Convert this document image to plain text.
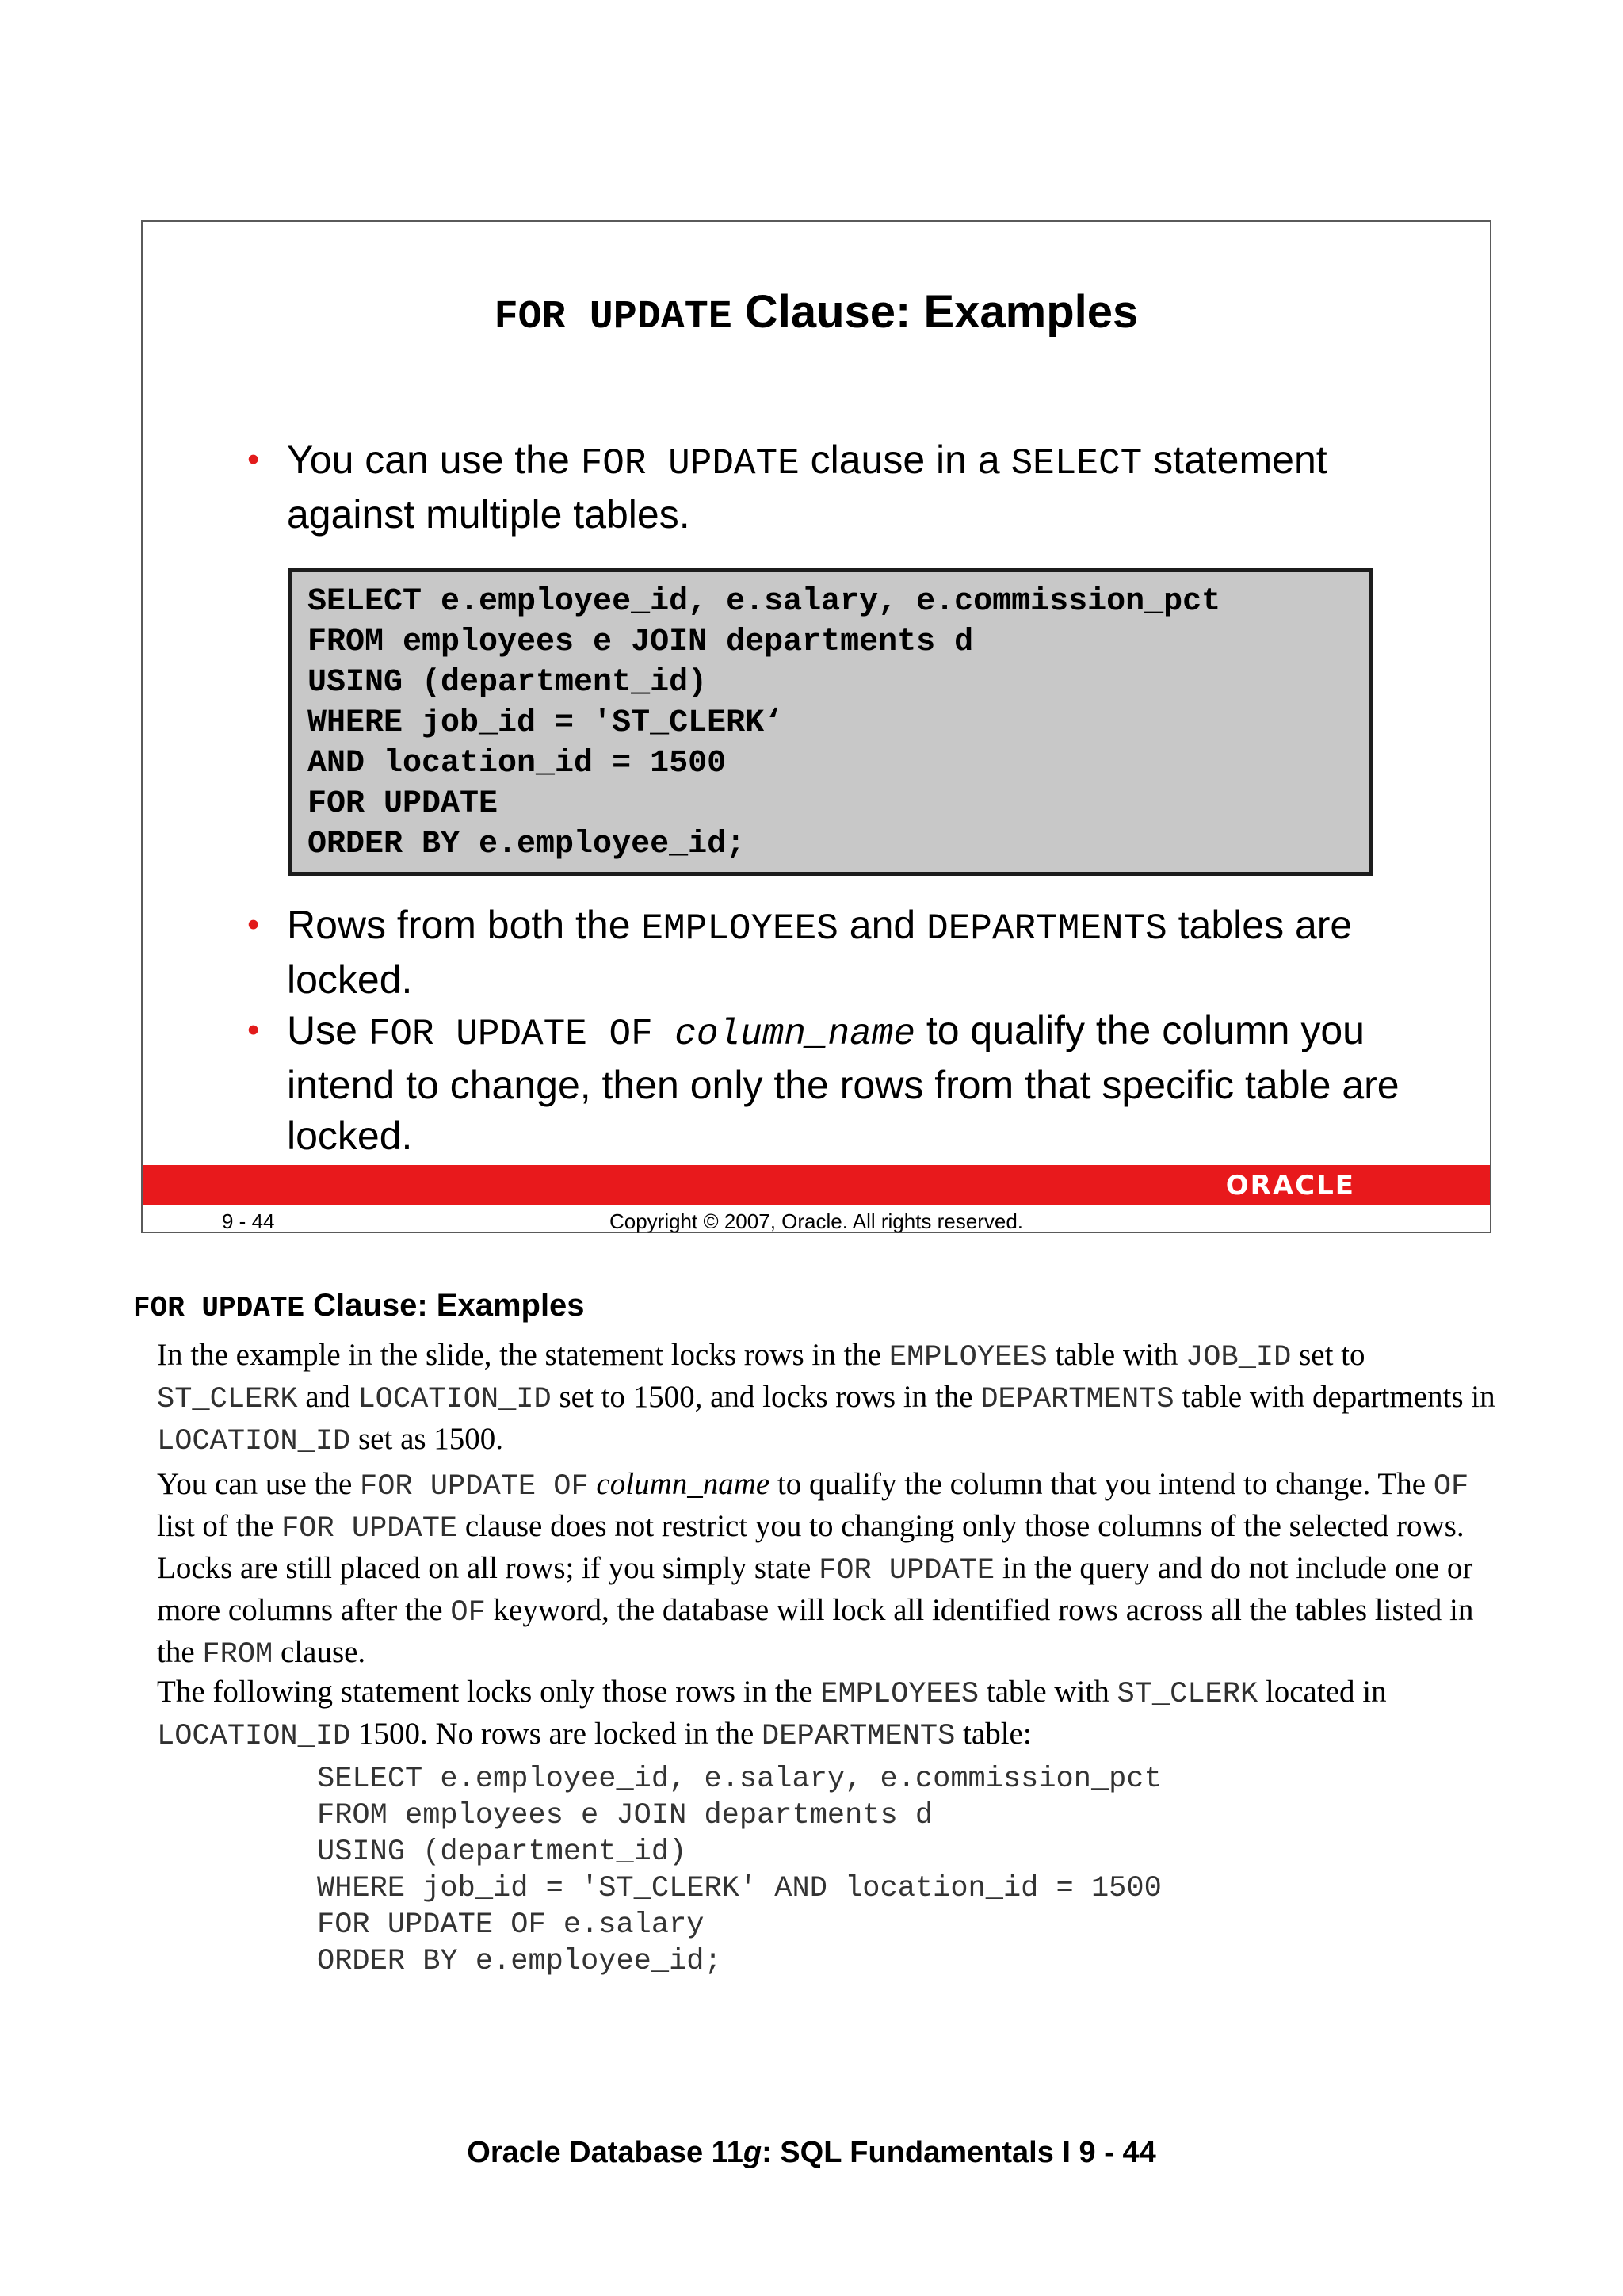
FOR UPDATE Clause: Examples
• You can use the FOR UPDATE clause in a SELECT statement against multiple tables.
SELECT e.employee_id, e.salary, e.commission_pct
FROM employees e JOIN departments d
USING (department_id)
WHERE job_id = 'ST_CLERK‘
AND location_id = 1500
FOR UPDATE
ORDER BY e.employee_id;
• Rows from both the EMPLOYEES and DEPARTMENTS tables are locked.
• Use FOR UPDATE OF column_name to qualify the column you intend to change, then only the rows from that specific table are locked.
ORACLE
9 - 44	Copyright © 2007, Oracle. All rights reserved.
FOR UPDATE Clause: Examples
In the example in the slide, the statement locks rows in the EMPLOYEES table with JOB_ID set to ST_CLERK and LOCATION_ID set to 1500, and locks rows in the DEPARTMENTS table with departments in LOCATION_ID set as 1500.
You can use the FOR UPDATE OF column_name to qualify the column that you intend to change. The OF list of the FOR UPDATE clause does not restrict you to changing only those columns of the selected rows. Locks are still placed on all rows; if you simply state FOR UPDATE in the query and do not include one or more columns after the OF keyword, the database will lock all identified rows across all the tables listed in the FROM clause.
The following statement locks only those rows in the EMPLOYEES table with ST_CLERK located in LOCATION_ID 1500. No rows are locked in the DEPARTMENTS table:
SELECT e.employee_id, e.salary, e.commission_pct
FROM employees e JOIN departments d
USING (department_id)
WHERE job_id = 'ST_CLERK' AND location_id = 1500
FOR UPDATE OF e.salary
ORDER BY e.employee_id;
Oracle Database 11g: SQL Fundamentals I 9 - 44
